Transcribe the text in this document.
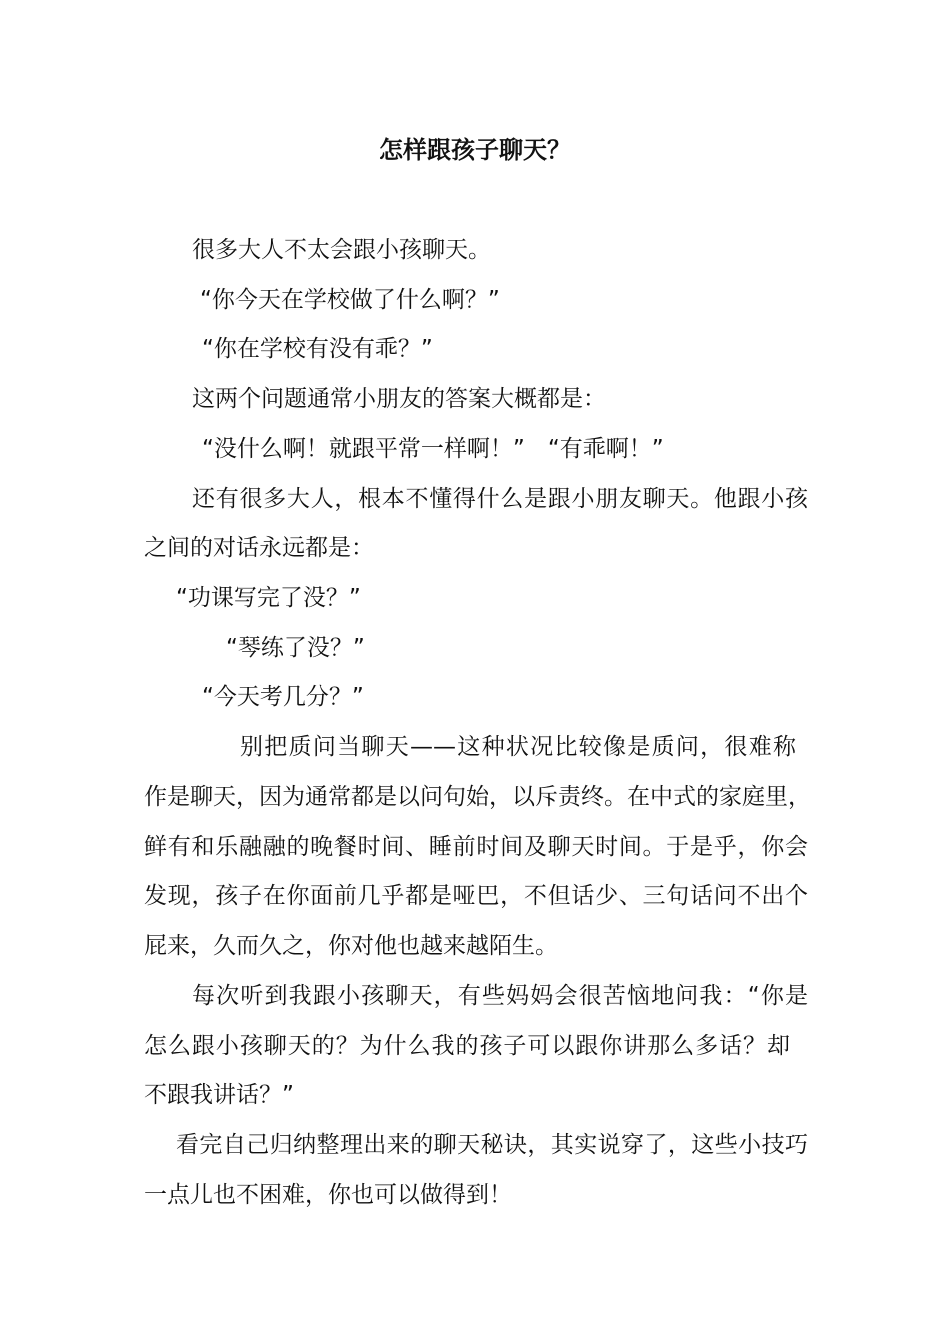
怎样跟孩子聊天？
很多大人不太会跟小孩聊天。
“你今天在学校做了什么啊？”
“你在学校有没有乖？”
这两个问题通常小朋友的答案大概都是：
“没什么啊！就跟平常一样啊！”　“有乖啊！”
还有很多大人，根本不懂得什么是跟小朋友聊天。他跟小孩
之间的对话永远都是：
“功课写完了没？”
“琴练了没？”
“今天考几分？”
别把质问当聊天——这种状况比较像是质问，很难称
作是聊天，因为通常都是以问句始，以斥责终。在中式的家庭里，
鲜有和乐融融的晚餐时间、睡前时间及聊天时间。于是乎，你会
发现，孩子在你面前几乎都是哑巴，不但话少、三句话问不出个
屁来，久而久之，你对他也越来越陌生。
每次听到我跟小孩聊天，有些妈妈会很苦恼地问我：“你是
怎么跟小孩聊天的？为什么我的孩子可以跟你讲那么多话？却
不跟我讲话？”
看完自己归纳整理出来的聊天秘诀，其实说穿了，这些小技巧
一点儿也不困难，你也可以做得到！
